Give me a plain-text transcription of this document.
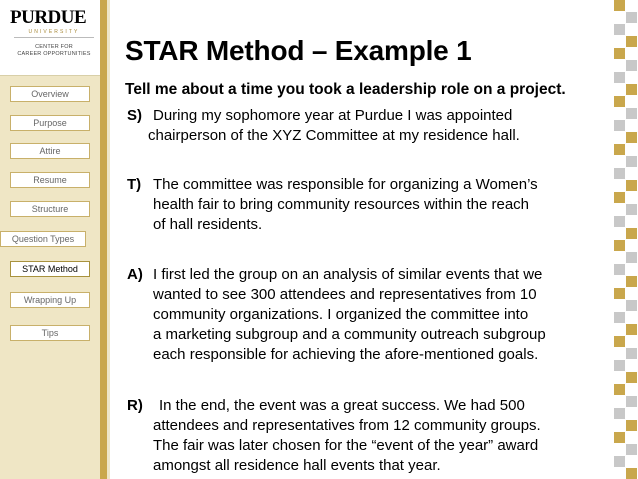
PURDUE
UNIVERSITY
CENTER FOR
CAREER OPPORTUNITIES
Overview
Purpose
Attire
Resume
Structure
Question Types
STAR Method
Wrapping Up
Tips
STAR Method – Example 1
Tell me about a time you took a leadership role on a project.
S) During my sophomore year at Purdue I was appointed
chairperson of the XYZ Committee at my residence hall.
T) The committee was responsible for organizing a Women’s
health fair to bring community resources within the reach
of hall residents.
A) I first led the group on an analysis of similar events that we
wanted to see 300 attendees and representatives from 10
community organizations. I organized the committee into
a marketing subgroup and a community outreach subgroup
each responsible for achieving the afore-mentioned goals.
R)	In the end, the event was a great success. We had 500
attendees and representatives from 12 community groups.
The fair was later chosen for the “event of the year” award
amongst all residence hall events that year.
